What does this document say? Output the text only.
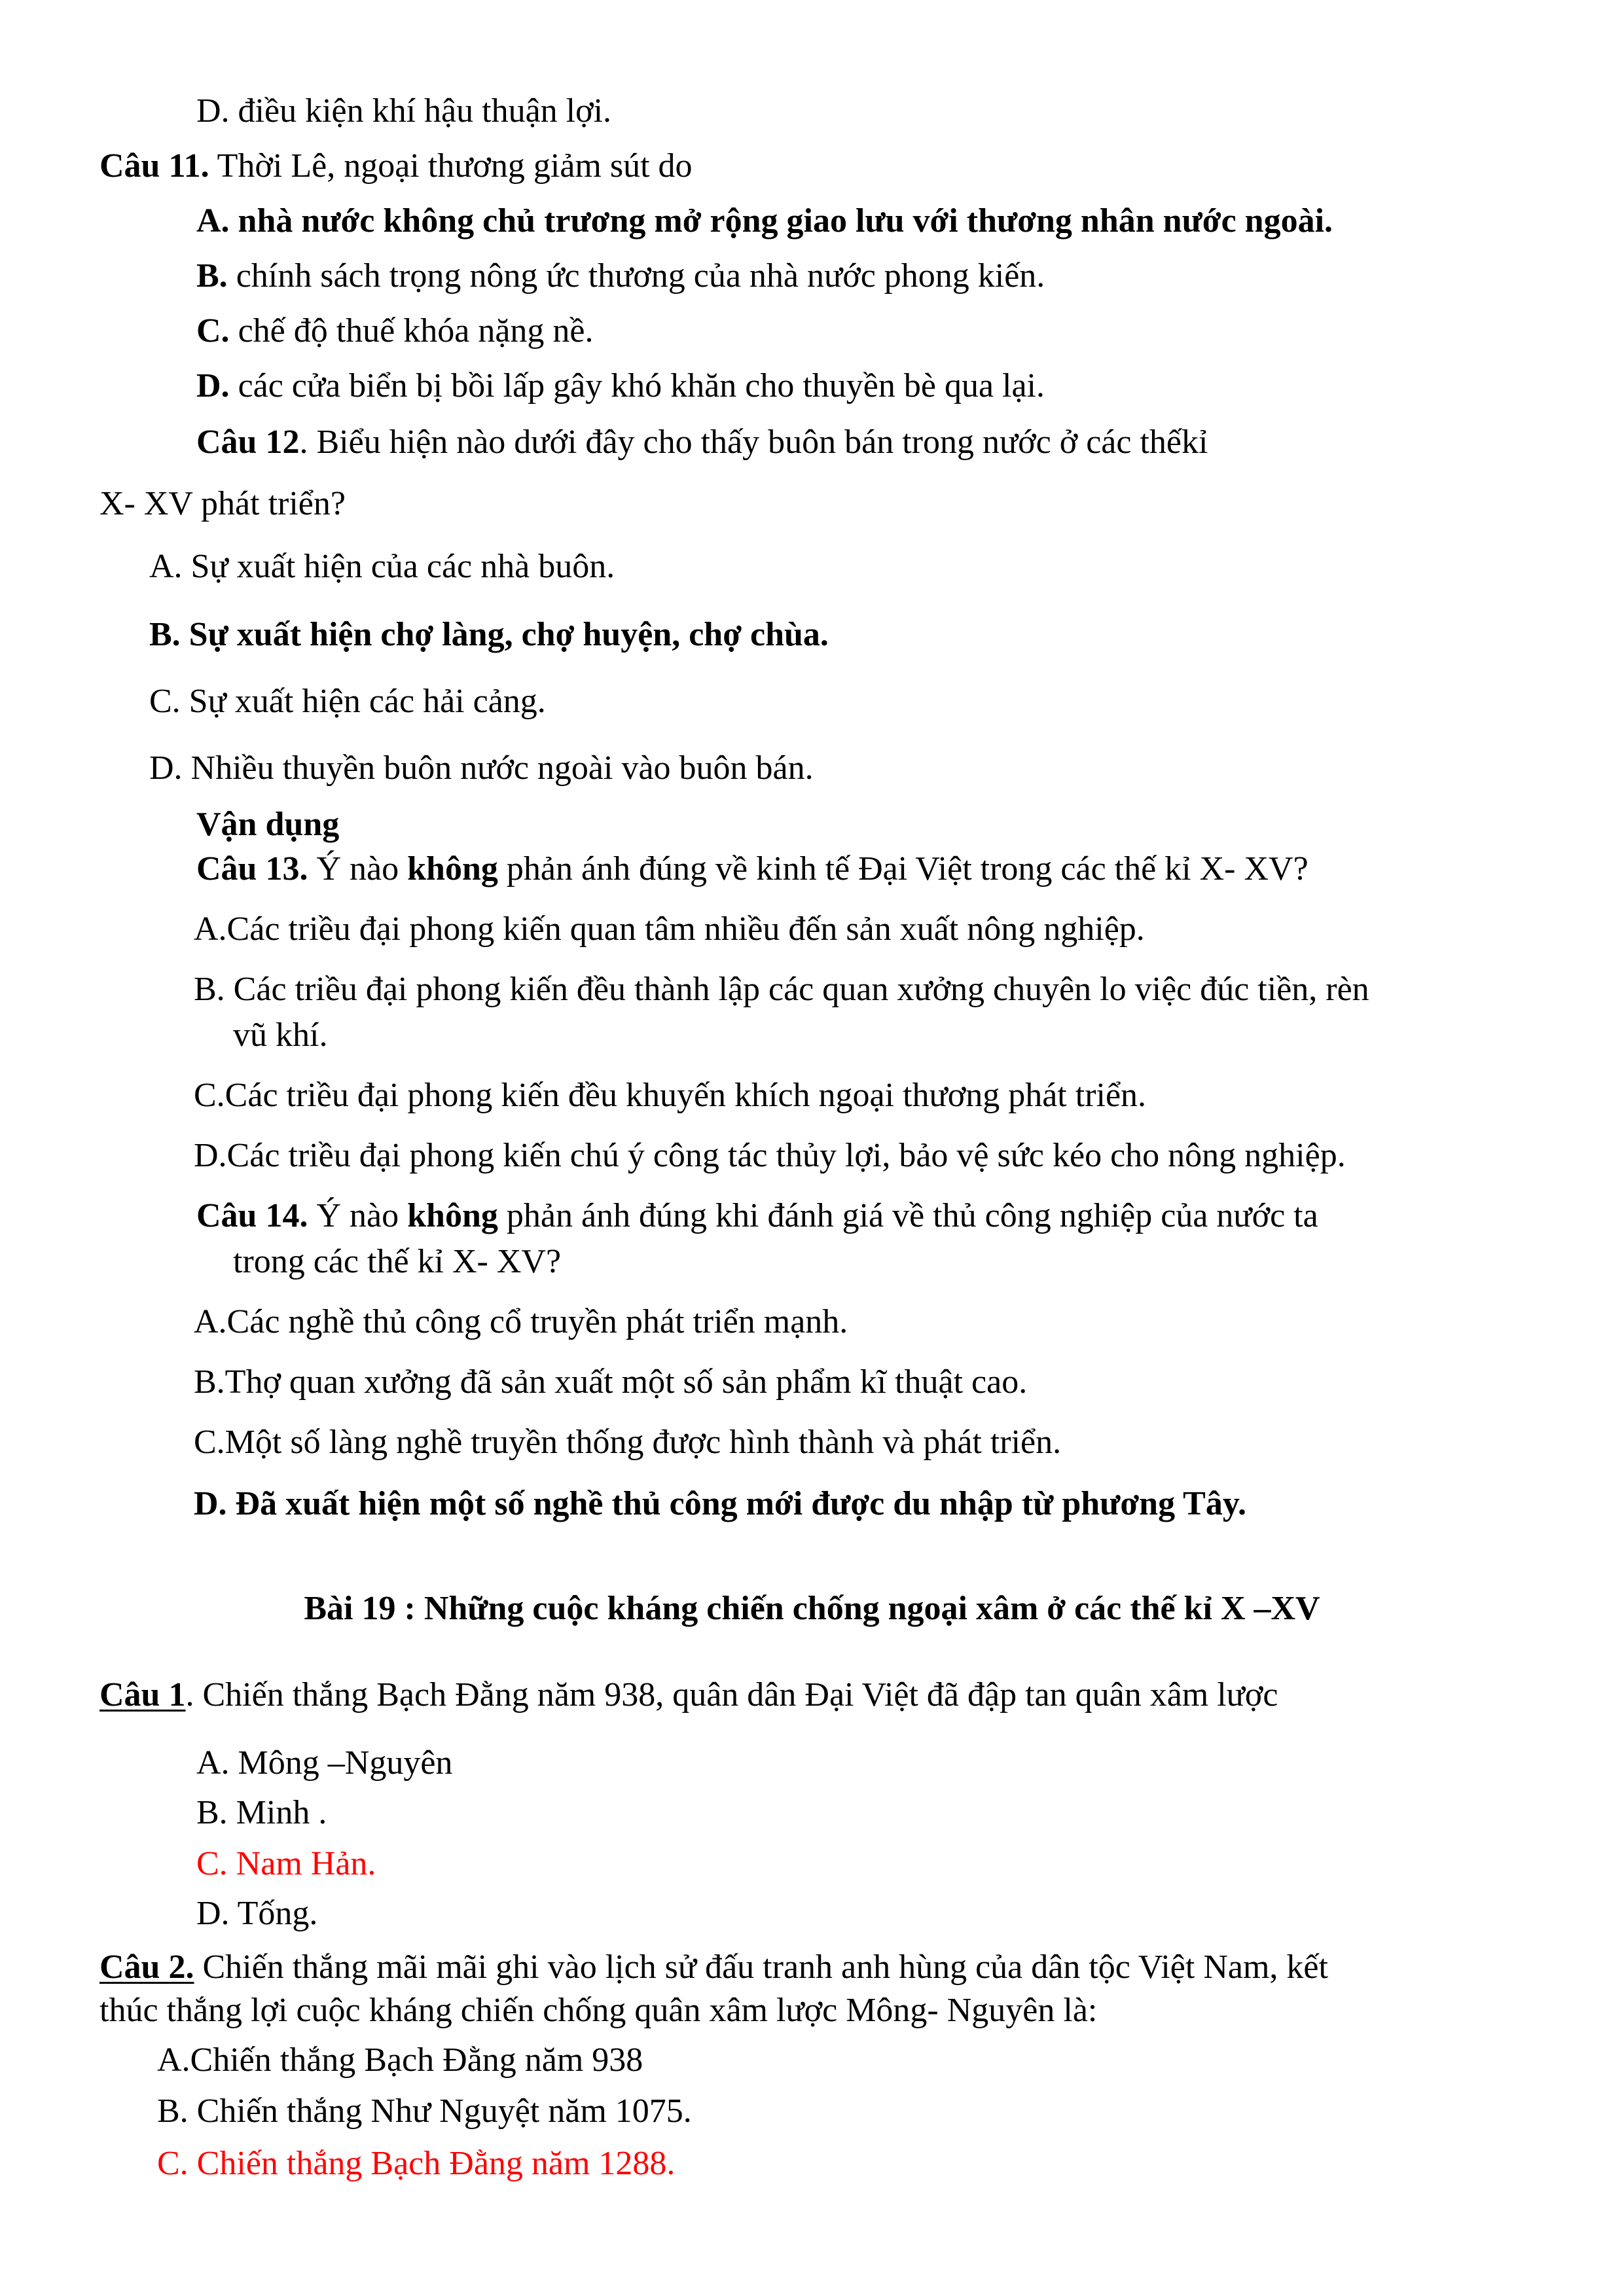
D. điều kiện khí hậu thuận lợi.
Câu 11. Thời Lê, ngoại thương giảm sút do
A. nhà nước không chủ trương mở rộng giao lưu với thương nhân nước ngoài.
B. chính sách trọng nông ức thương của nhà nước phong kiến.
C. chế độ thuế khóa nặng nề.
D. các cửa biển bị bồi lấp gây khó khăn cho thuyền bè qua lại.
Câu 12. Biểu hiện nào dưới đây cho thấy buôn bán trong nước ở các thếkỉ
X- XV phát triển?
A. Sự xuất hiện của các nhà buôn.
B. Sự xuất hiện chợ làng, chợ huyện, chợ chùa.
C. Sự xuất hiện các hải cảng.
D. Nhiều thuyền buôn nước ngoài vào buôn bán.
Vận dụng
Câu 13. Ý nào không phản ánh đúng về kinh tế Đại Việt trong các thế kỉ X- XV?
A.Các triều đại phong kiến quan tâm nhiều đến sản xuất nông nghiệp.
B. Các triều đại phong kiến đều thành lập các quan xưởng chuyên lo việc đúc tiền, rèn
vũ khí.
C.Các triều đại phong kiến đều khuyến khích ngoại thương phát triển.
D.Các triều đại phong kiến chú ý công tác thủy lợi, bảo vệ sức kéo cho nông nghiệp.
Câu 14. Ý nào không phản ánh đúng khi đánh giá về thủ công nghiệp của nước ta
trong các thế kỉ X- XV?
A.Các nghề thủ công cổ truyền phát triển mạnh.
B.Thợ quan xưởng đã sản xuất một số sản phẩm kĩ thuật cao.
C.Một số làng nghề truyền thống được hình thành và phát triển.
D. Đã xuất hiện một số nghề thủ công mới được du nhập từ phương Tây.
Bài 19 : Những cuộc kháng chiến chống ngoại xâm ở các thế kỉ X –XV
Câu 1. Chiến thắng Bạch Đằng năm 938, quân dân Đại Việt đã đập tan quân xâm lược
A. Mông –Nguyên
B. Minh .
C. Nam Hản.
D. Tống.
Câu 2. Chiến thắng mãi mãi ghi vào lịch sử đấu tranh anh hùng của dân tộc Việt Nam, kết
thúc thắng lợi cuộc kháng chiến chống quân xâm lược Mông- Nguyên là:
A.Chiến thắng Bạch Đằng năm 938
B. Chiến thắng Như Nguyệt năm 1075.
C. Chiến thắng Bạch Đằng năm 1288.
